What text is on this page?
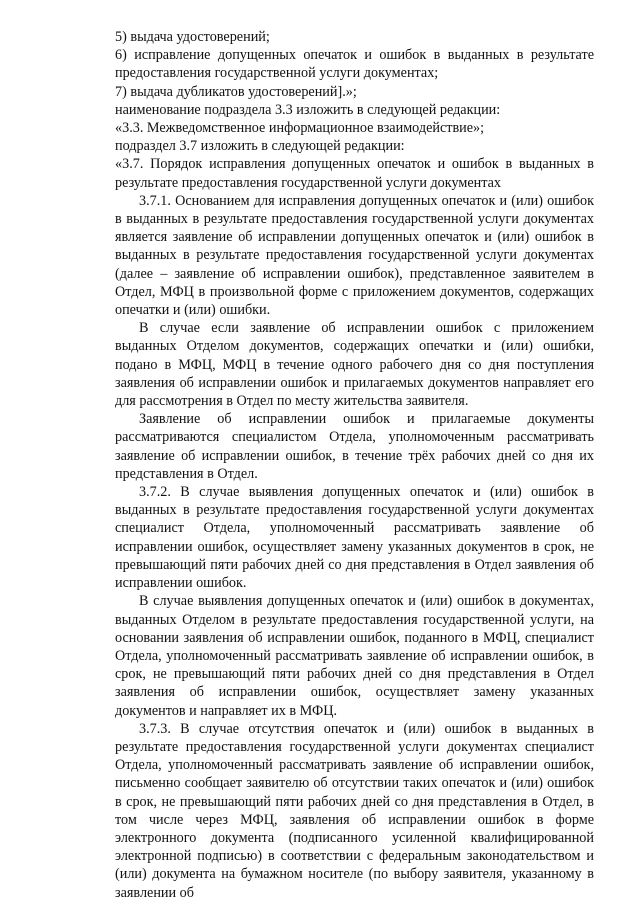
5) выдача удостоверений;

6) исправление допущенных опечаток и ошибок в выданных в результате предоставления государственной услуги документах;

7) выдача дубликатов удостоверений].»;

наименование подраздела 3.3 изложить в следующей редакции:

«3.3. Межведомственное информационное взаимодействие»;

подраздел 3.7 изложить в следующей редакции:

«3.7. Порядок исправления допущенных опечаток и ошибок в выданных в результате предоставления государственной услуги документах

3.7.1. Основанием для исправления допущенных опечаток и (или) ошибок в выданных в результате предоставления государственной услуги документах является заявление об исправлении допущенных опечаток и (или) ошибок в выданных в результате предоставления государственной услуги документах (далее – заявление об исправлении ошибок), представленное заявителем в Отдел, МФЦ в произвольной форме с приложением документов, содержащих опечатки и (или) ошибки.

В случае если заявление об исправлении ошибок с приложением выданных Отделом документов, содержащих опечатки и (или) ошибки, подано в МФЦ, МФЦ в течение одного рабочего дня со дня поступления заявления об исправлении ошибок и прилагаемых документов направляет его для рассмотрения в Отдел по месту жительства заявителя.

Заявление об исправлении ошибок и прилагаемые документы рассматриваются специалистом Отдела, уполномоченным рассматривать заявление об исправлении ошибок, в течение трёх рабочих дней со дня их представления в Отдел.

3.7.2. В случае выявления допущенных опечаток и (или) ошибок в выданных в результате предоставления государственной услуги документах специалист Отдела, уполномоченный рассматривать заявление об исправлении ошибок, осуществляет замену указанных документов в срок, не превышающий пяти рабочих дней со дня представления в Отдел заявления об исправлении ошибок.

В случае выявления допущенных опечаток и (или) ошибок в документах, выданных Отделом в результате предоставления государственной услуги, на основании заявления об исправлении ошибок, поданного в МФЦ, специалист Отдела, уполномоченный рассматривать заявление об исправлении ошибок, в срок, не превышающий пяти рабочих дней со дня представления в Отдел заявления об исправлении ошибок, осуществляет замену указанных документов и направляет их в МФЦ.

3.7.3. В случае отсутствия опечаток и (или) ошибок в выданных в результате предоставления государственной услуги документах специалист Отдела, уполномоченный рассматривать заявление об исправлении ошибок, письменно сообщает заявителю об отсутствии таких опечаток и (или) ошибок в срок, не превышающий пяти рабочих дней со дня представления в Отдел, в том числе через МФЦ, заявления об исправлении ошибок в форме электронного документа (подписанного усиленной квалифицированной электронной подписью) в соответствии с федеральным законодательством и (или) документа на бумажном носителе (по выбору заявителя, указанному в заявлении об
